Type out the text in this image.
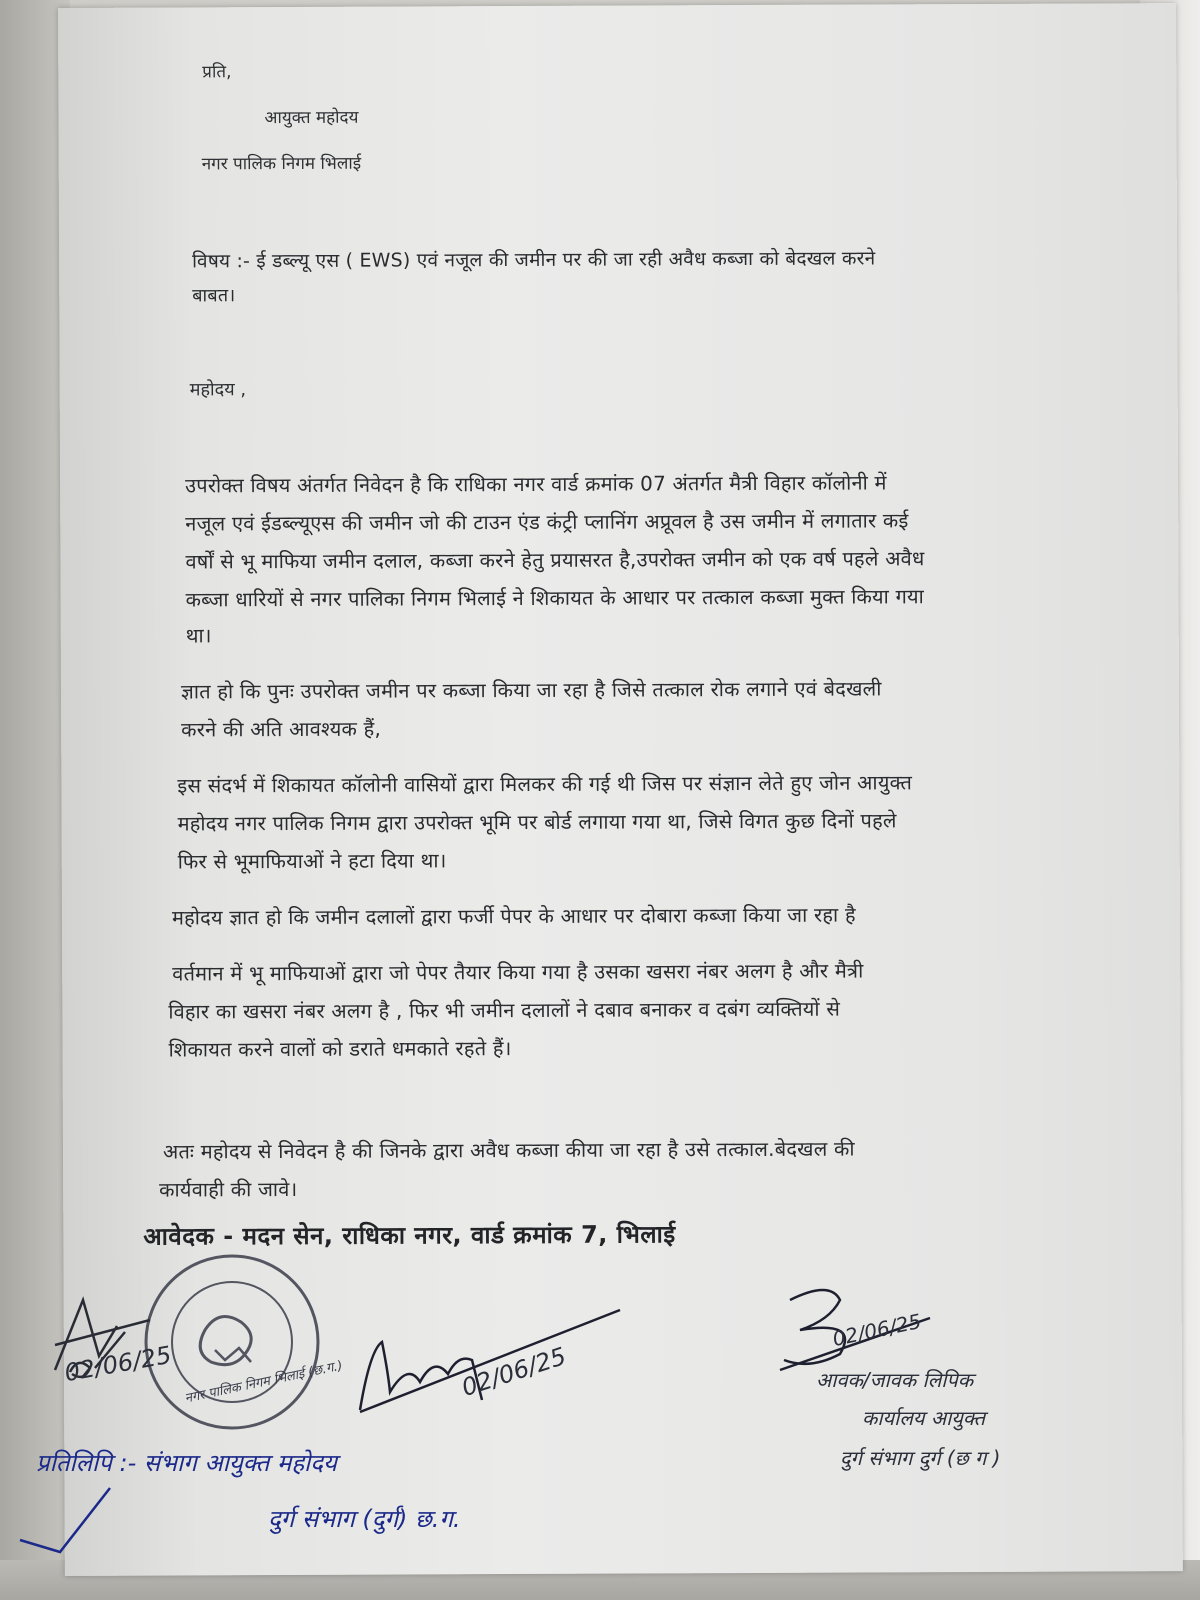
प्रति,
आयुक्त महोदय
नगर पालिक निगम भिलाई
विषय :- ई डब्ल्यू एस ( EWS) एवं नजूल की जमीन पर की जा रही अवैध कब्जा को बेदखल करने
बाबत।
महोदय ,
उपरोक्त विषय अंतर्गत निवेदन है कि राधिका नगर वार्ड क्रमांक 07 अंतर्गत मैत्री विहार कॉलोनी में
नजूल एवं ईडब्ल्यूएस की जमीन जो की टाउन एंड कंट्री प्लानिंग अप्रूवल है उस जमीन में लगातार कई
वर्षों से भू माफिया जमीन दलाल, कब्जा करने हेतु प्रयासरत है,उपरोक्त जमीन को एक वर्ष पहले अवैध
कब्जा धारियों से नगर पालिका निगम भिलाई ने शिकायत के आधार पर तत्काल कब्जा मुक्त किया गया
था।
ज्ञात हो कि पुनः उपरोक्त जमीन पर कब्जा किया जा रहा है जिसे तत्काल रोक लगाने एवं बेदखली
करने की अति आवश्यक हैं,
इस संदर्भ में शिकायत कॉलोनी वासियों द्वारा मिलकर की गई थी जिस पर संज्ञान लेते हुए जोन आयुक्त
महोदय नगर पालिक निगम द्वारा उपरोक्त भूमि पर बोर्ड लगाया गया था, जिसे विगत कुछ दिनों पहले
फिर से भूमाफियाओं ने हटा दिया था।
महोदय ज्ञात हो कि जमीन दलालों द्वारा फर्जी पेपर के आधार पर दोबारा कब्जा किया जा रहा है
वर्तमान में भू माफियाओं द्वारा जो पेपर तैयार किया गया है उसका खसरा नंबर अलग है और मैत्री
विहार का खसरा नंबर अलग है , फिर भी जमीन दलालों ने दबाव बनाकर व दबंग व्यक्तियों से
शिकायत करने वालों को डराते धमकाते रहते हैं।
अतः महोदय से निवेदन है की जिनके द्वारा अवैध कब्जा कीया जा रहा है उसे तत्काल.बेदखल की
कार्यवाही की जावे।
आवेदक - मदन सेन, राधिका नगर, वार्ड क्रमांक 7, भिलाई
नगर पालिक निगम भिलाई (छ.ग.)
02/06/25	02/06/25
02/06/25
आवक/जावक लिपिक
कार्यालय आयुक्त
दुर्ग संभाग दुर्ग (छ ग )
प्रतिलिपि :- संभाग आयुक्त महोदय
दुर्ग संभाग (दुर्ग) छ.ग.
